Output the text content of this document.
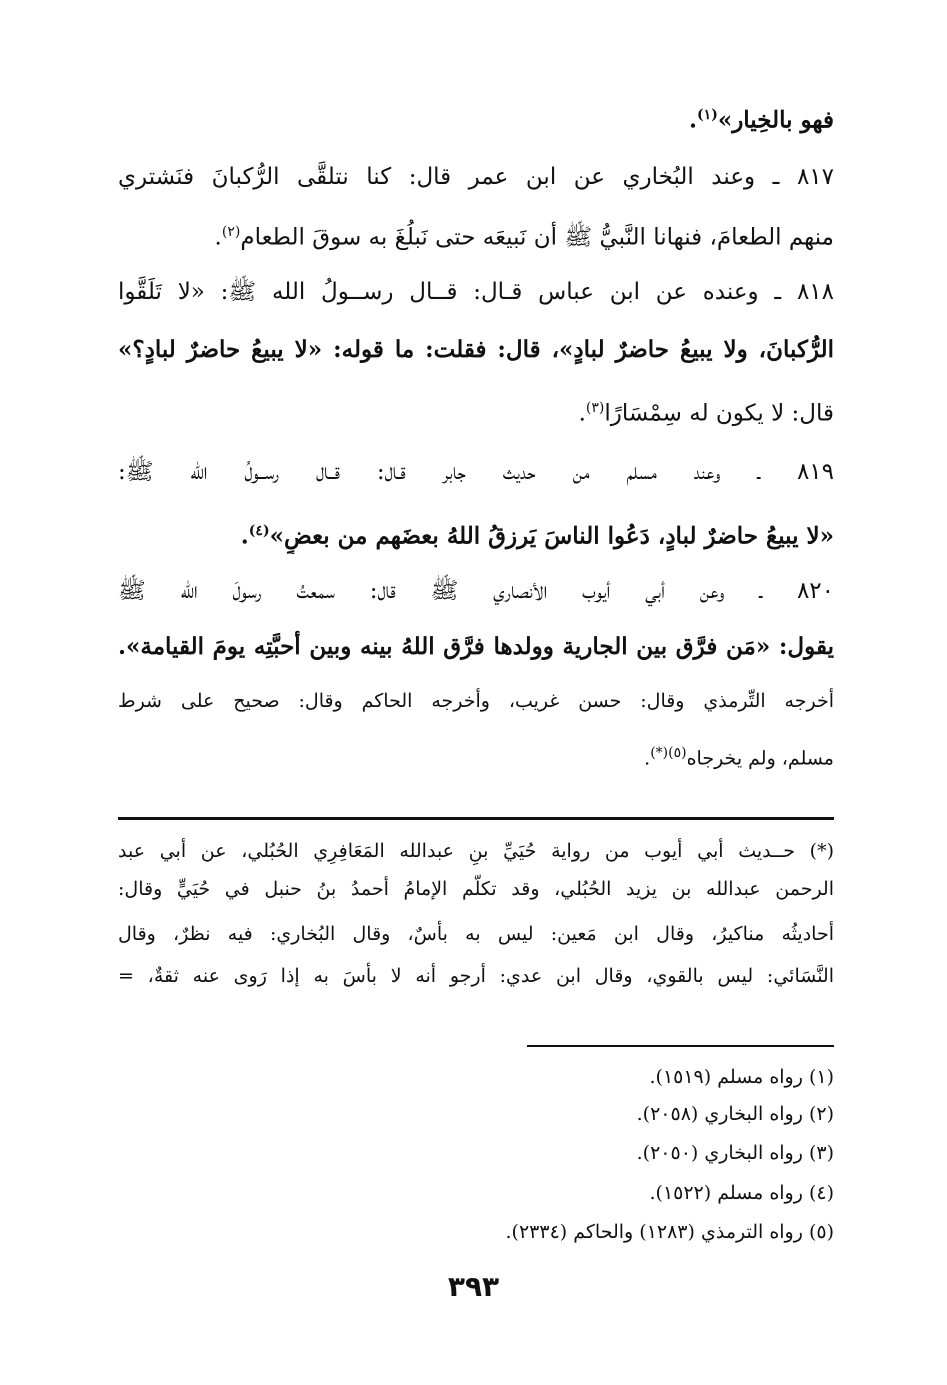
فهو بالخِيار»$^{(١)}$.
٨١٧ ـ وعند البُخاري عن ابن عمر قال: كنا نتلقَّى الرُّكبانَ فنَشتري
منهم الطعامَ، فنهانا النَّبيُّ ﷺ أن نَبيعَه حتى نَبلُغَ به سوقَ الطعام$^{(٢)}$.
٨١٨ ـ وعنده عن ابن عباس قـال: قــال رســولُ الله ﷺ: «لا تَلَقَّوا
الرُّكبانَ، ولا يبيعُ حاضرٌ لبادٍ»، قال: فقلت: ما قوله: «لا يبيعُ حاضرٌ لبادٍ؟»
قال: لا يكون له سِمْسَارًا$^{(٣)}$.
٨١٩ ـ وعند مسلم من حديث جابر قـال: قــال رســولُ الله ﷺ:
«لا يبيعُ حاضرٌ لبادٍ، دَعُوا الناسَ يَرزقُ اللهُ بعضَهم من بعضٍ»$^{(٤)}$.
٨٢٠ ـ وعن أبي أيوب الأنصاري ﷺ قال: سمعتُ رسولَ الله ﷺ
يقول: «مَن فرَّق بين الجارية وولدها فرَّق اللهُ بينه وبين أحبَّتِه يومَ القيامة».
أخرجه التِّرمذي وقال: حسن غريب، وأخرجه الحاكم وقال: صحيح على شرط
مسلم، ولم يخرجاه$^{(٥)(*)}$.
(*) حــديث أبي أيوب من رواية حُيَيِّ بنِ عبدالله المَعَافِرِي الحُبُلي، عن أبي عبد
الرحمن عبدالله بن يزيد الحُبُلي، وقد تكلَّم الإمامُ أحمدُ بنُ حنبل في حُيَيٍّ وقال:
أحاديثُه مناكيرُ، وقال ابن مَعين: ليس به بأسٌ، وقال البُخاري: فيه نظرٌ، وقال
النَّسَائي: ليس بالقوي، وقال ابن عدي: أرجو أنه لا بأسَ به إذا رَوى عنه ثقةٌ، =
(١) رواه مسلم (١٥١٩).
(٢) رواه البخاري (٢٠٥٨).
(٣) رواه البخاري (٢٠٥٠).
(٤) رواه مسلم (١٥٢٢).
(٥) رواه الترمذي (١٢٨٣) والحاكم (٢٣٣٤).
٣٩٣
